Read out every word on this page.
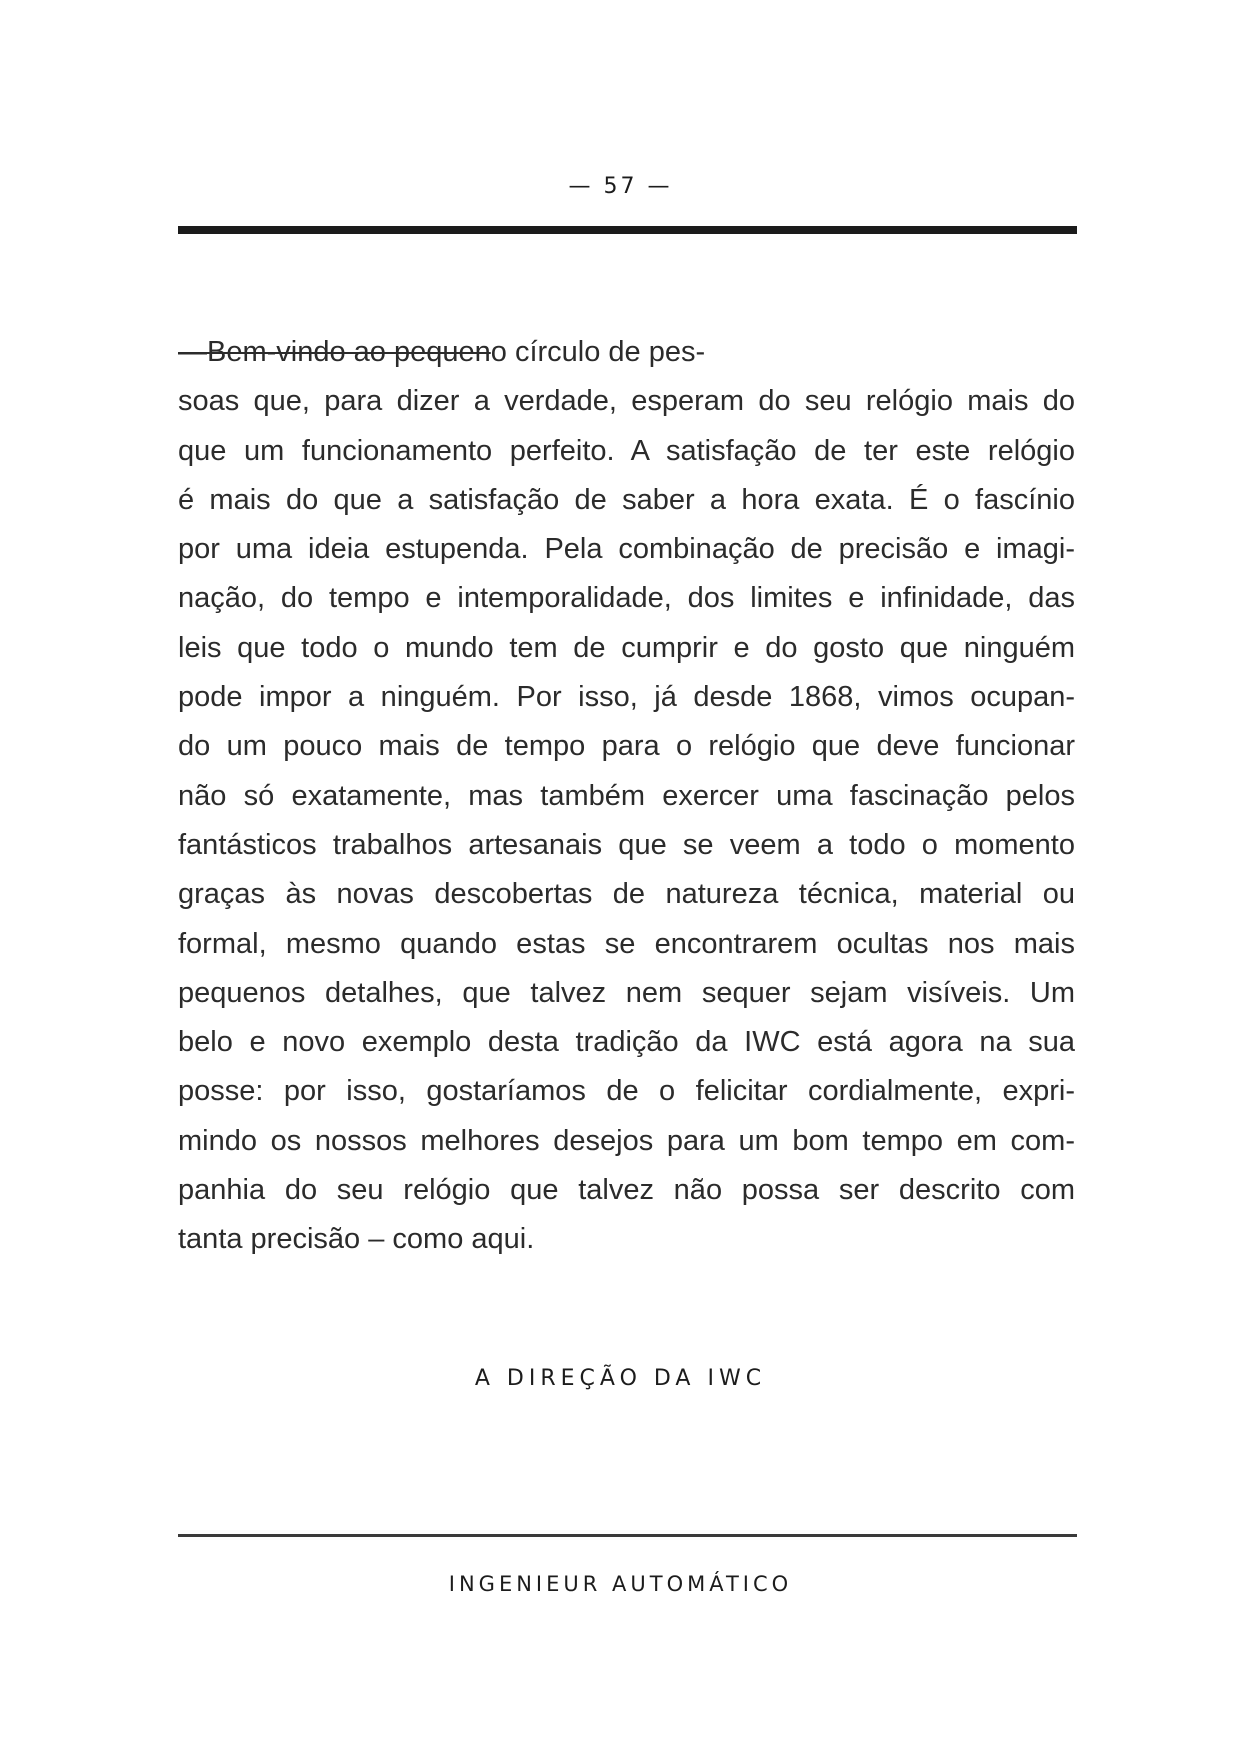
— 57 —
—Bem-vindo ao pequeno círculo de pes-
soas que, para dizer a verdade, esperam do seu relógio mais do
que um funcionamento perfeito. A satisfação de ter este relógio
é mais do que a satisfação de saber a hora exata. É o fascínio
por uma ideia estupenda. Pela combinação de precisão e imagi-
nação, do tempo e intemporalidade, dos limites e infinidade, das
leis que todo o mundo tem de cumprir e do gosto que ninguém
pode impor a ninguém. Por isso, já desde 1868, vimos ocupan-
do um pouco mais de tempo para o relógio que deve funcionar
não só exatamente, mas também exercer uma fascinação pelos
fantásticos trabalhos artesanais que se veem a todo o momento
graças às novas descobertas de natureza técnica, material ou
formal, mesmo quando estas se encontrarem ocultas nos mais
pequenos detalhes, que talvez nem sequer sejam visíveis. Um
belo e novo exemplo desta tradição da IWC está agora na sua
posse: por isso, gostaríamos de o felicitar cordialmente, expri-
mindo os nossos melhores desejos para um bom tempo em com-
panhia do seu relógio que talvez não possa ser descrito com
tanta precisão – como aqui.
A DIREÇÃO DA IWC
INGENIEUR AUTOMÁTICO
